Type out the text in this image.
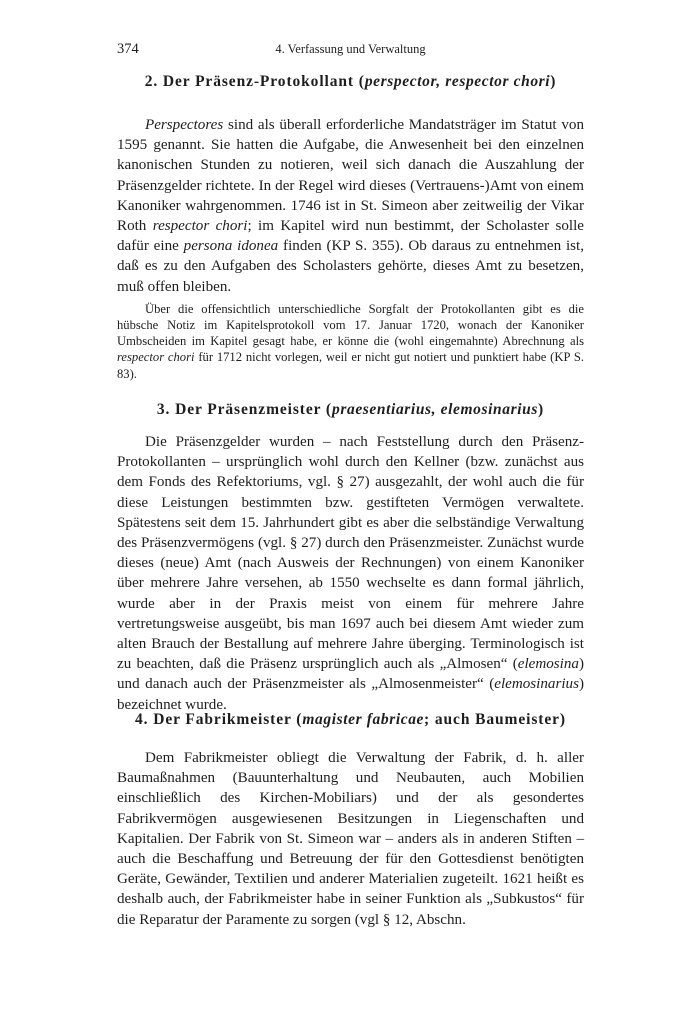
374	4. Verfassung und Verwaltung
2. Der Präsenz-Protokollant (perspector, respector chori)

Perspectores sind als überall erforderliche Mandatsträger im Statut von 1595 genannt. Sie hatten die Aufgabe, die Anwesenheit bei den einzelnen kanonischen Stunden zu notieren, weil sich danach die Auszahlung der Präsenzgelder richtete. In der Regel wird dieses (Vertrauens-)Amt von einem Kanoniker wahrgenommen. 1746 ist in St. Simeon aber zeitweilig der Vikar Roth respector chori; im Kapitel wird nun bestimmt, der Scholaster solle dafür eine persona idonea finden (KP S. 355). Ob daraus zu entnehmen ist, daß es zu den Aufgaben des Scholasters gehörte, dieses Amt zu besetzen, muß offen bleiben.

Über die offensichtlich unterschiedliche Sorgfalt der Protokollanten gibt es die hübsche Notiz im Kapitelsprotokoll vom 17. Januar 1720, wonach der Kanoniker Umbscheiden im Kapitel gesagt habe, er könne die (wohl eingemahnte) Abrechnung als respector chori für 1712 nicht vorlegen, weil er nicht gut notiert und punktiert habe (KP S. 83).

3. Der Präsenzmeister (praesentiarius, elemosinarius)

Die Präsenzgelder wurden – nach Feststellung durch den Präsenz-Protokollanten – ursprünglich wohl durch den Kellner (bzw. zunächst aus dem Fonds des Refektoriums, vgl. § 27) ausgezahlt, der wohl auch die für diese Leistungen bestimmten bzw. gestifteten Vermögen verwaltete. Spätestens seit dem 15. Jahrhundert gibt es aber die selbständige Verwaltung des Präsenzvermögens (vgl. § 27) durch den Präsenzmeister. Zunächst wurde dieses (neue) Amt (nach Ausweis der Rechnungen) von einem Kanoniker über mehrere Jahre versehen, ab 1550 wechselte es dann formal jährlich, wurde aber in der Praxis meist von einem für mehrere Jahre vertretungsweise ausgeübt, bis man 1697 auch bei diesem Amt wieder zum alten Brauch der Bestallung auf mehrere Jahre überging. Terminologisch ist zu beachten, daß die Präsenz ursprünglich auch als „Almosen“ (elemosina) und danach auch der Präsenzmeister als „Almosenmeister“ (elemosinarius) bezeichnet wurde.

4. Der Fabrikmeister (magister fabricae; auch Baumeister)

Dem Fabrikmeister obliegt die Verwaltung der Fabrik, d. h. aller Baumaßnahmen (Bauunterhaltung und Neubauten, auch Mobilien einschließlich des Kirchen-Mobiliars) und der als gesondertes Fabrikvermögen ausgewiesenen Besitzungen in Liegenschaften und Kapitalien. Der Fabrik von St. Simeon war – anders als in anderen Stiften – auch die Beschaffung und Betreuung der für den Gottesdienst benötigten Geräte, Gewänder, Textilien und anderer Materialien zugeteilt. 1621 heißt es deshalb auch, der Fabrikmeister habe in seiner Funktion als „Subkustos“ für die Reparatur der Paramente zu sorgen (vgl § 12, Abschn.
